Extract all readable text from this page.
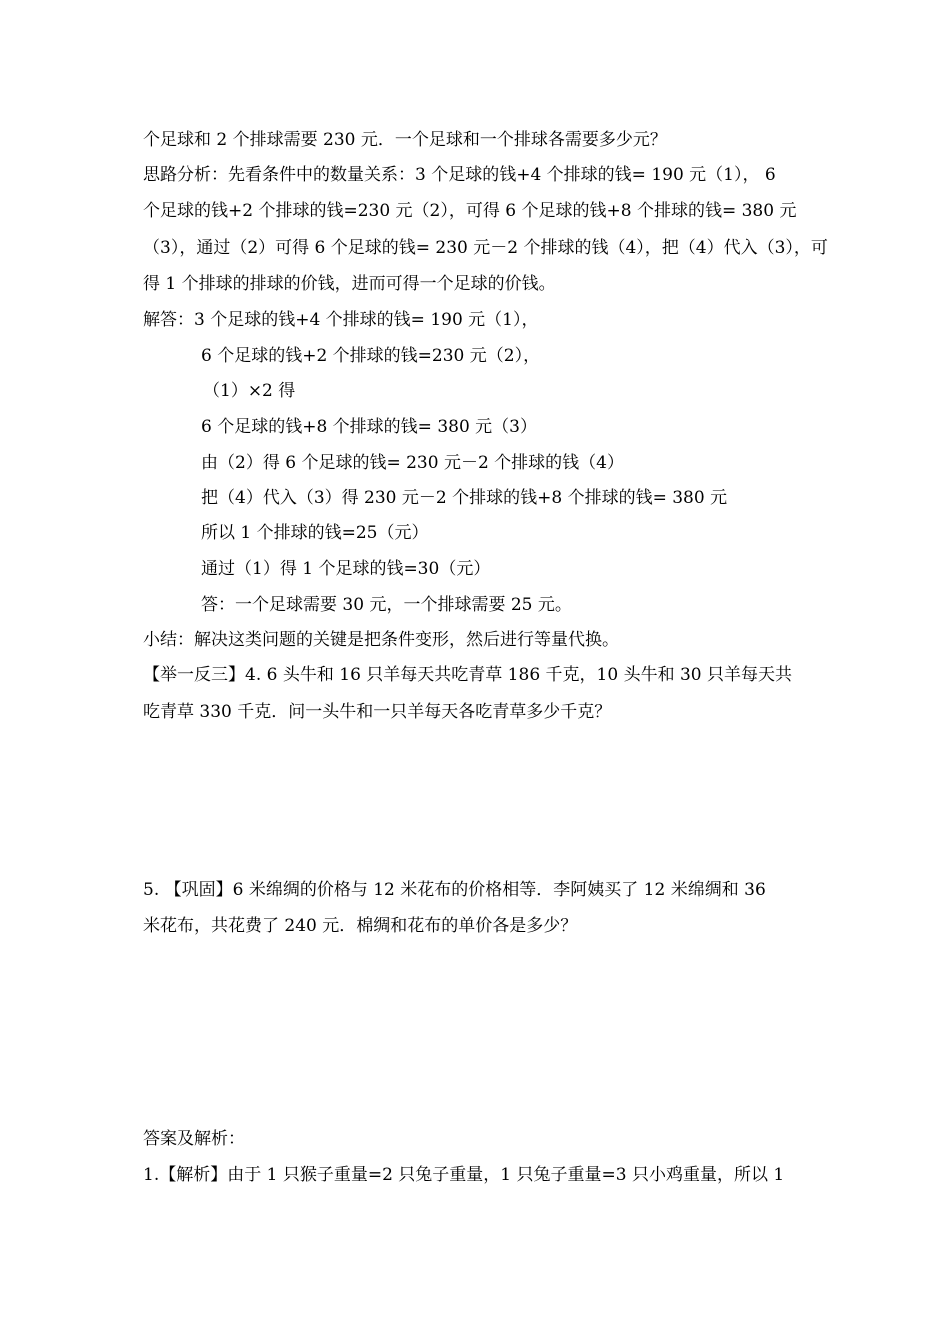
个足球和 2 个排球需要 230 元．一个足球和一个排球各需要多少元？
思路分析：先看条件中的数量关系：3 个足球的钱+4 个排球的钱= 190 元（1）， 6
个足球的钱+2 个排球的钱=230 元（2），可得 6 个足球的钱+8 个排球的钱= 380 元
（3），通过（2）可得 6 个足球的钱= 230 元－2 个排球的钱（4），把（4）代入（3），可
得 1 个排球的排球的价钱，进而可得一个足球的价钱。
解答：3 个足球的钱+4 个排球的钱= 190 元（1），
6 个足球的钱+2 个排球的钱=230 元（2），
（1）×2 得
6 个足球的钱+8 个排球的钱= 380 元（3）
由（2）得 6 个足球的钱= 230 元－2 个排球的钱（4）
把（4）代入（3）得 230 元－2 个排球的钱+8 个排球的钱= 380 元
所以 1 个排球的钱=25（元）
通过（1）得 1 个足球的钱=30（元）
答：一个足球需要 30 元，一个排球需要 25 元。
小结：解决这类问题的关键是把条件变形，然后进行等量代换。
【举一反三】4. 6 头牛和 16 只羊每天共吃青草 186 千克，10 头牛和 30 只羊每天共
吃青草 330 千克．问一头牛和一只羊每天各吃青草多少千克？
5. 【巩固】6 米绵绸的价格与 12 米花布的价格相等．李阿姨买了 12 米绵绸和 36
米花布，共花费了 240 元．棉绸和花布的单价各是多少？
答案及解析：
1.【解析】由于 1 只猴子重量=2 只兔子重量，1 只兔子重量=3 只小鸡重量，所以 1
